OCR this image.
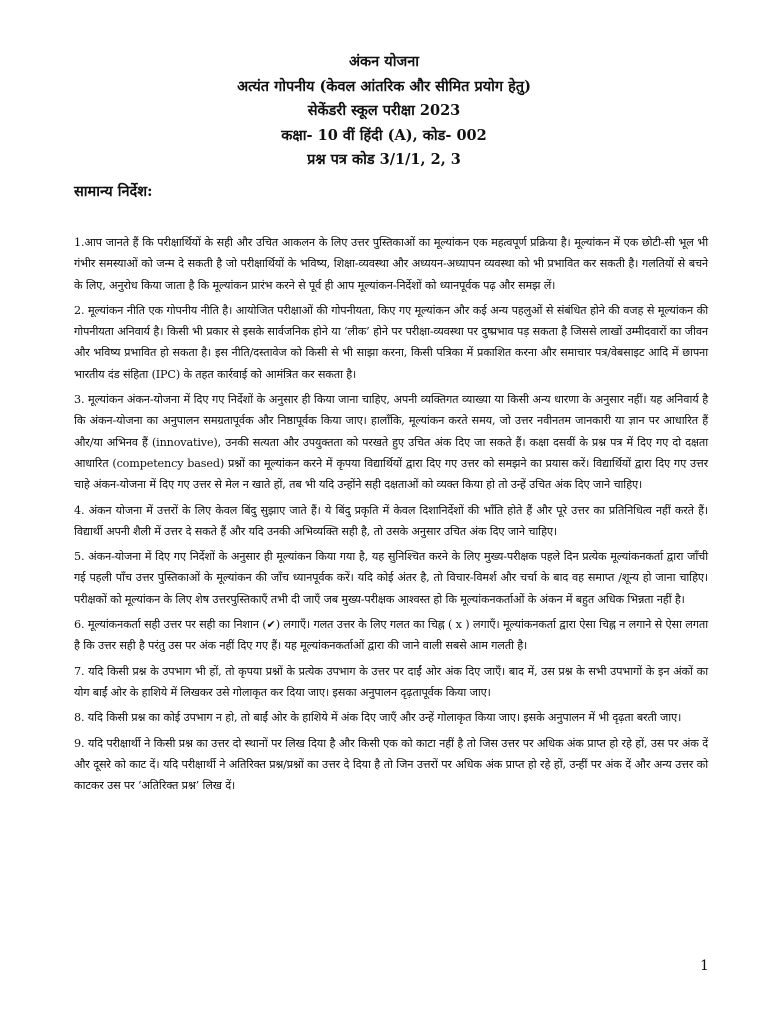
अंकन योजना
अत्यंत गोपनीय (केवल आंतरिक और सीमित प्रयोग हेतु)
सेकेंडरी स्कूल परीक्षा 2023
कक्षा- 10 वीं हिंदी (A), कोड- 002
प्रश्न पत्र कोड 3/1/1, 2, 3
सामान्य निर्देश:

1.आप जानते हैं कि परीक्षार्थियों के सही और उचित आकलन के लिए उत्तर पुस्तिकाओं का मूल्यांकन एक महत्वपूर्ण प्रक्रिया है। मूल्यांकन में एक छोटी-सी भूल भी गंभीर समस्याओं को जन्म दे सकती है जो परीक्षार्थियों के भविष्य, शिक्षा-व्यवस्था और अध्ययन-अध्यापन व्यवस्था को भी प्रभावित कर सकती है। गलतियों से बचने के लिए, अनुरोध किया जाता है कि मूल्यांकन प्रारंभ करने से पूर्व ही आप मूल्यांकन-निर्देशों को ध्यानपूर्वक पढ़ और समझ लें।

2. मूल्यांकन नीति एक गोपनीय नीति है। आयोजित परीक्षाओं की गोपनीयता, किए गए मूल्यांकन और कई अन्य पहलुओं से संबंधित होने की वजह से मूल्यांकन की गोपनीयता अनिवार्य है। किसी भी प्रकार से इसके सार्वजनिक होने या ‘लीक’ होने पर परीक्षा-व्यवस्था पर दुष्प्रभाव पड़ सकता है जिससे लाखों उम्मीदवारों का जीवन और भविष्य प्रभावित हो सकता है। इस नीति/दस्तावेज को किसी से भी साझा करना, किसी पत्रिका में प्रकाशित करना और समाचार पत्र/वेबसाइट आदि में छापना भारतीय दंड संहिता (IPC) के तहत कार्रवाई को आमंत्रित कर सकता है।

3. मूल्यांकन अंकन-योजना में दिए गए निर्देशों के अनुसार ही किया जाना चाहिए, अपनी व्यक्तिगत व्याख्या या किसी अन्य धारणा के अनुसार नहीं। यह अनिवार्य है कि अंकन-योजना का अनुपालन समग्रतापूर्वक और निष्ठापूर्वक किया जाए। हालाँकि, मूल्यांकन करते समय, जो उत्तर नवीनतम जानकारी या ज्ञान पर आधारित हैं और/या अभिनव हैं (innovative), उनकी सत्यता और उपयुक्तता को परखते हुए उचित अंक दिए जा सकते हैं। कक्षा दसवीं के प्रश्न पत्र में दिए गए दो दक्षता आधारित (competency based) प्रश्नों का मूल्यांकन करने में कृपया विद्यार्थियों द्वारा दिए गए उत्तर को समझने का प्रयास करें। विद्यार्थियों द्वारा दिए गए उत्तर चाहे अंकन-योजना में दिए गए उत्तर से मेल न खाते हों, तब भी यदि उन्होंने सही दक्षताओं को व्यक्त किया हो तो उन्हें उचित अंक दिए जाने चाहिए।

4. अंकन योजना में उत्तरों के लिए केवल बिंदु सुझाए जाते हैं। ये बिंदु प्रकृति में केवल दिशानिर्देशों की भाँति होते हैं और पूरे उत्तर का प्रतिनिधित्व नहीं करते हैं। विद्यार्थी अपनी शैली में उत्तर दे सकते हैं और यदि उनकी अभिव्यक्ति सही है, तो उसके अनुसार उचित अंक दिए जाने चाहिए।

5. अंकन-योजना में दिए गए निर्देशों के अनुसार ही मूल्यांकन किया गया है, यह सुनिश्चित करने के लिए मुख्य-परीक्षक पहले दिन प्रत्येक मूल्यांकनकर्ता द्वारा जाँची गई पहली पाँच उत्तर पुस्तिकाओं के मूल्यांकन की जाँच ध्यानपूर्वक करें। यदि कोई अंतर है, तो विचार-विमर्श और चर्चा के बाद वह समाप्त /शून्य हो जाना चाहिए। परीक्षकों को मूल्यांकन के लिए शेष उत्तरपुस्तिकाएँ तभी दी जाएँ जब मुख्य-परीक्षक आश्वस्त हो कि मूल्यांकनकर्ताओं के अंकन में बहुत अधिक भिन्नता नहीं है।

6. मूल्यांकनकर्ता सही उत्तर पर सही का निशान (✔) लगाएँ। गलत उत्तर के लिए गलत का चिह्न ( x ) लगाएँ। मूल्यांकनकर्ता द्वारा ऐसा चिह्न न लगाने से ऐसा लगता है कि उत्तर सही है परंतु उस पर अंक नहीं दिए गए हैं। यह मूल्यांकनकर्ताओं द्वारा की जाने वाली सबसे आम गलती है।

7. यदि किसी प्रश्न के उपभाग भी हों, तो कृपया प्रश्नों के प्रत्येक उपभाग के उत्तर पर दाईं ओर अंक दिए जाएँ। बाद में, उस प्रश्न के सभी उपभागों के इन अंकों का योग बाईं ओर के हाशिये में लिखकर उसे गोलाकृत कर दिया जाए। इसका अनुपालन दृढ़तापूर्वक किया जाए।

8. यदि किसी प्रश्न का कोई उपभाग न हो, तो बाईं ओर के हाशिये में अंक दिए जाएँ और उन्हें गोलाकृत किया जाए। इसके अनुपालन में भी दृढ़ता बरती जाए।

9. यदि परीक्षार्थी ने किसी प्रश्न का उत्तर दो स्थानों पर लिख दिया है और किसी एक को काटा नहीं है तो जिस उत्तर पर अधिक अंक प्राप्त हो रहे हों, उस पर अंक दें और दूसरे को काट दें। यदि परीक्षार्थी ने अतिरिक्त प्रश्न/प्रश्नों का उत्तर दे दिया है तो जिन उत्तरों पर अधिक अंक प्राप्त हो रहे हों, उन्हीं पर अंक दें और अन्य उत्तर को काटकर उस पर ‘अतिरिक्त प्रश्न’ लिख दें।

1
